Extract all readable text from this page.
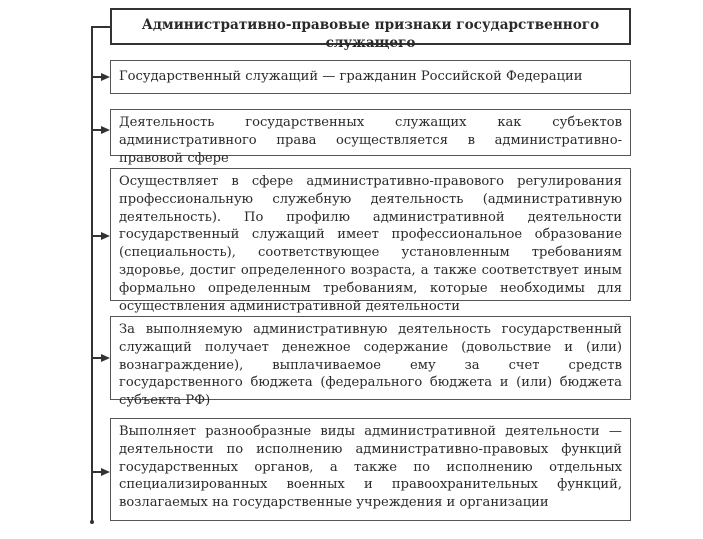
Административно-правовые признаки государственного служащего

Государственный служащий — гражданин Российской Федерации

Деятельность государственных служащих как субъектов административного права осуществляется в административно-правовой сфере

Осуществляет в сфере административно-правового регулирования профессиональную служебную деятельность (административную деятельность). По профилю административной деятельности государственный служащий имеет профессиональное образование (специальность), соответствующее установленным требованиям здоровье, достиг определенного возраста, а также соответствует иным формально определенным требованиям, которые необходимы для осуществления административной деятельности

За выполняемую административную деятельность государственный служащий получает денежное содержание (довольствие и (или) вознаграждение), выплачиваемое ему за счет средств государственного бюджета (федерального бюджета и (или) бюджета субъекта РФ)

Выполняет разнообразные виды административной деятельности — деятельности по исполнению административно-правовых функций государственных органов, а также по исполнению отдельных специализированных военных и правоохранительных функций, возлагаемых на государственные учреждения и организации
